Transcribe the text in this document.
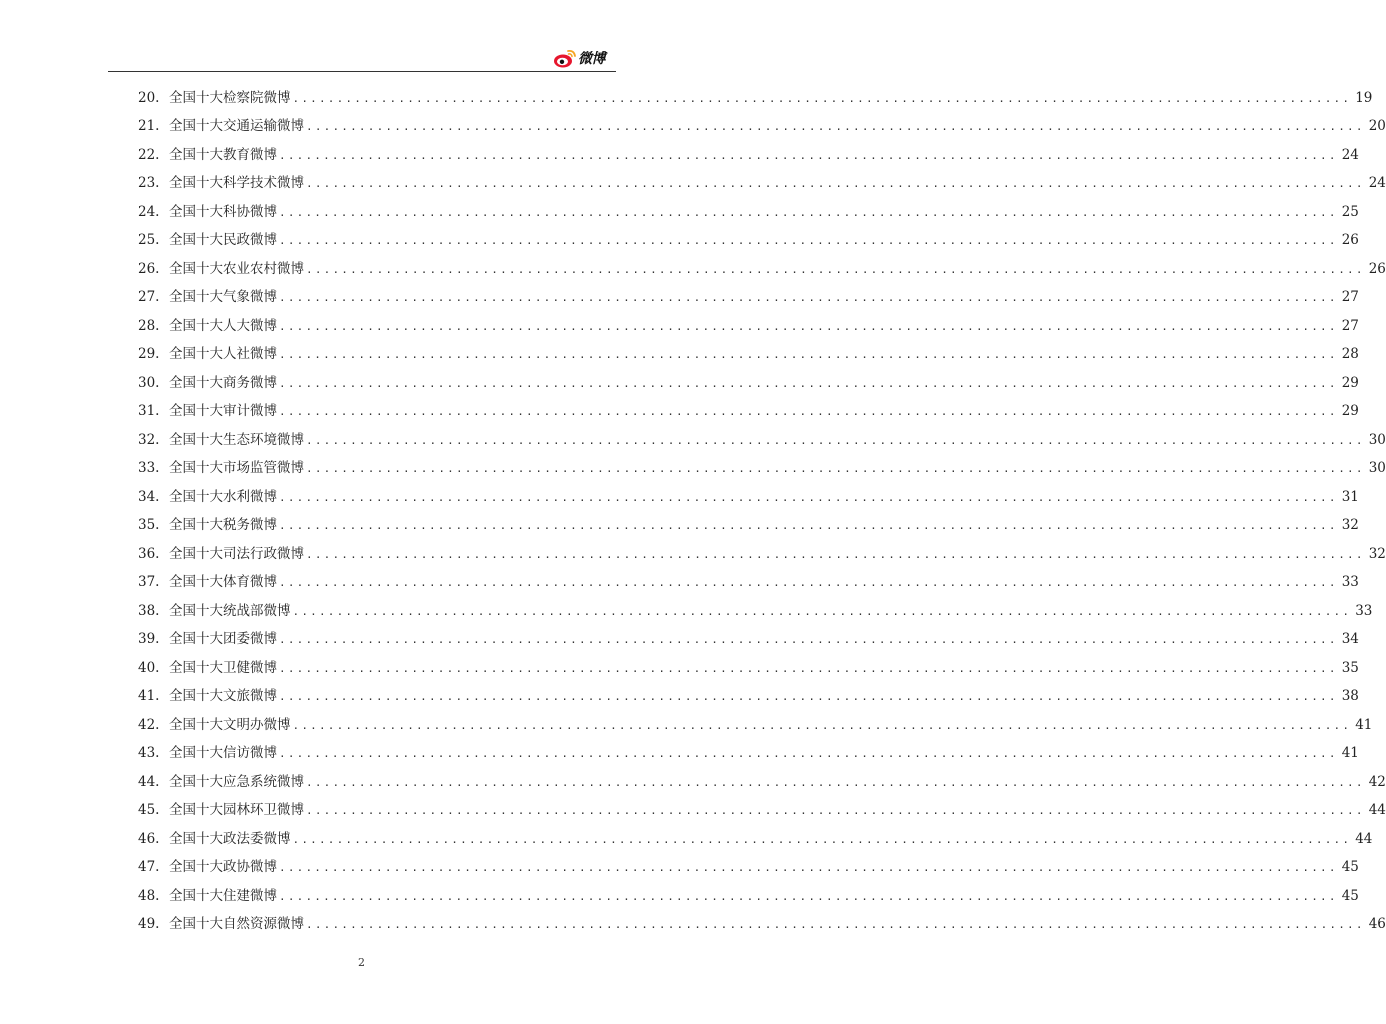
微博
20. 全国十大检察院微博 ........................................................................................................................ 19
21. 全国十大交通运输微博 ........................................................................................................................ 20
22. 全国十大教育微博 ........................................................................................................................ 24
23. 全国十大科学技术微博 ........................................................................................................................ 24
24. 全国十大科协微博 ........................................................................................................................ 25
25. 全国十大民政微博 ........................................................................................................................ 26
26. 全国十大农业农村微博 ........................................................................................................................ 26
27. 全国十大气象微博 ........................................................................................................................ 27
28. 全国十大人大微博 ........................................................................................................................ 27
29. 全国十大人社微博 ........................................................................................................................ 28
30. 全国十大商务微博 ........................................................................................................................ 29
31. 全国十大审计微博 ........................................................................................................................ 29
32. 全国十大生态环境微博 ........................................................................................................................ 30
33. 全国十大市场监管微博 ........................................................................................................................ 30
34. 全国十大水利微博 ........................................................................................................................ 31
35. 全国十大税务微博 ........................................................................................................................ 32
36. 全国十大司法行政微博 ........................................................................................................................ 32
37. 全国十大体育微博 ........................................................................................................................ 33
38. 全国十大统战部微博 ........................................................................................................................ 33
39. 全国十大团委微博 ........................................................................................................................ 34
40. 全国十大卫健微博 ........................................................................................................................ 35
41. 全国十大文旅微博 ........................................................................................................................ 38
42. 全国十大文明办微博 ........................................................................................................................ 41
43. 全国十大信访微博 ........................................................................................................................ 41
44. 全国十大应急系统微博 ........................................................................................................................ 42
45. 全国十大园林环卫微博 ........................................................................................................................ 44
46. 全国十大政法委微博 ........................................................................................................................ 44
47. 全国十大政协微博 ........................................................................................................................ 45
48. 全国十大住建微博 ........................................................................................................................ 45
49. 全国十大自然资源微博 ........................................................................................................................ 46
2
